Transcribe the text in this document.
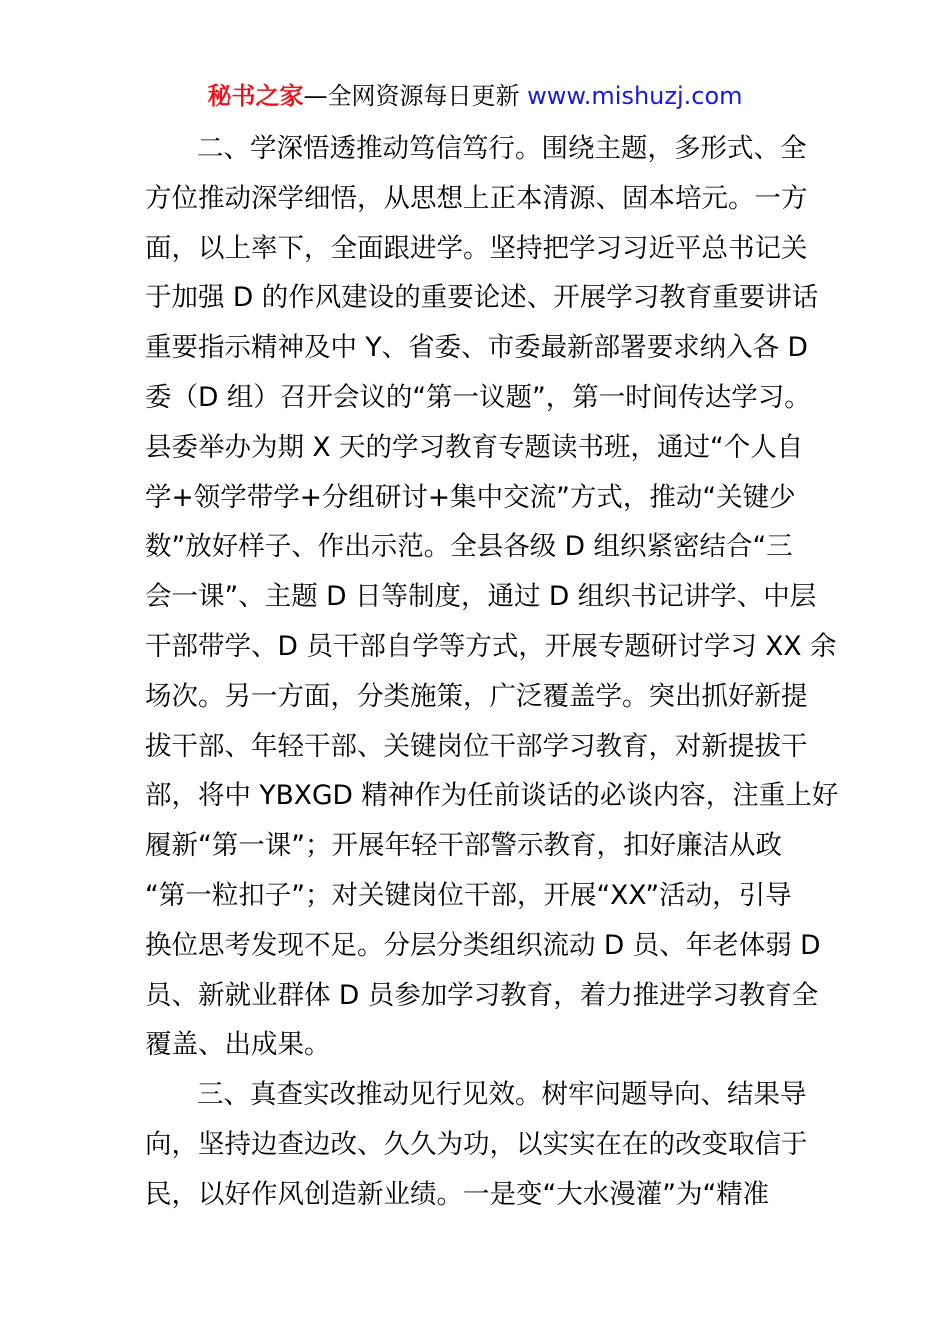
秘书之家—全网资源每日更新 www.mishuzj.com
二、学深悟透推动笃信笃行。围绕主题，多形式、全
方位推动深学细悟，从思想上正本清源、固本培元。一方
面，以上率下，全面跟进学。坚持把学习习近平总书记关
于加强 D 的作风建设的重要论述、开展学习教育重要讲话
重要指示精神及中 Y、省委、市委最新部署要求纳入各 D
委（D 组）召开会议的“第一议题”，第一时间传达学习。
县委举办为期 X 天的学习教育专题读书班，通过“个人自
学+领学带学+分组研讨+集中交流”方式，推动“关键少
数”放好样子、作出示范。全县各级 D 组织紧密结合“三
会一课”、主题 D 日等制度，通过 D 组织书记讲学、中层
干部带学、D 员干部自学等方式，开展专题研讨学习 XX 余
场次。另一方面，分类施策，广泛覆盖学。突出抓好新提
拔干部、年轻干部、关键岗位干部学习教育，对新提拔干
部，将中 YBXGD 精神作为任前谈话的必谈内容，注重上好
履新“第一课”；开展年轻干部警示教育，扣好廉洁从政
“第一粒扣子”；对关键岗位干部，开展“XX”活动，引导
换位思考发现不足。分层分类组织流动 D 员、年老体弱 D
员、新就业群体 D 员参加学习教育，着力推进学习教育全
覆盖、出成果。
三、真查实改推动见行见效。树牢问题导向、结果导
向，坚持边查边改、久久为功，以实实在在的改变取信于
民，以好作风创造新业绩。一是变“大水漫灌”为“精准
